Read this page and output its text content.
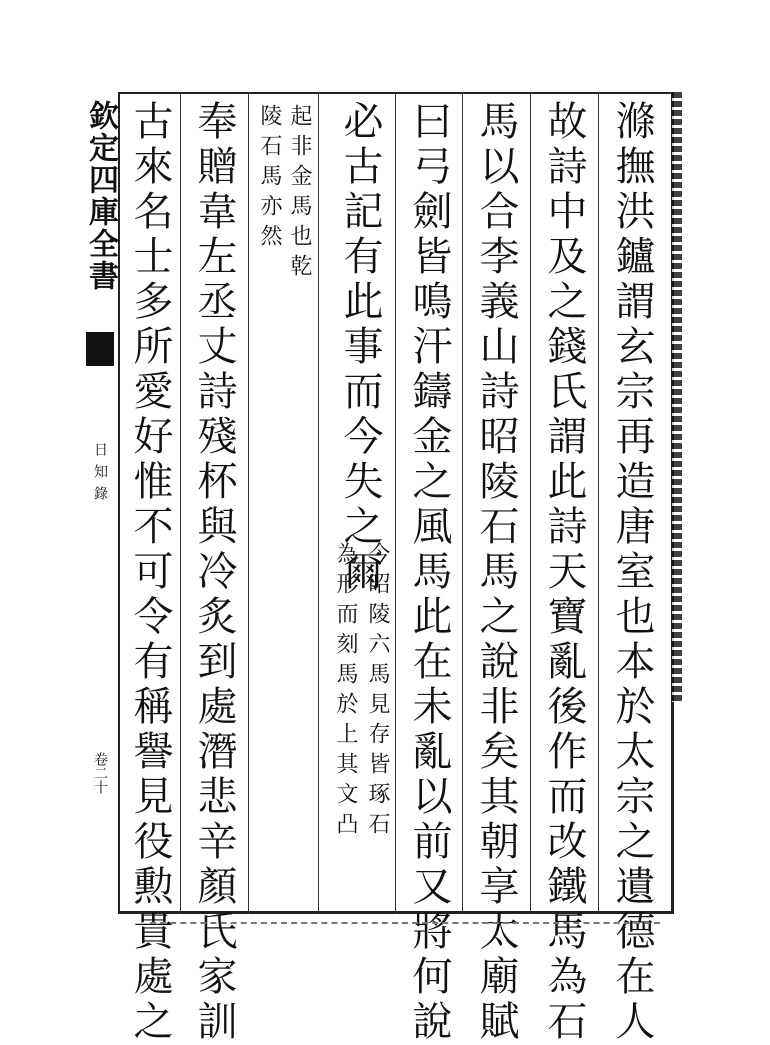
欽定四庫全書
日知錄
卷二十	滌撫洪鑪謂玄宗再造唐室也本於太宗之遺德在人
故詩中及之錢氏謂此詩天寶亂後作而改鐵馬為石
馬以合李義山詩昭陵石馬之說非矣其朝享太廟賦
曰弓劍皆鳴汗鑄金之風馬此在未亂以前又將何說
必古記有此事而今失之爾
今昭陵六馬見存皆琢石
為形而刻馬於上其文凸
起非金馬也乾
陵石馬亦然
奉贈韋左丞丈詩殘杯與冷炙到處潛悲辛顏氏家訓
古來名士多所愛好惟不可令有稱譽見役勲貴處之
